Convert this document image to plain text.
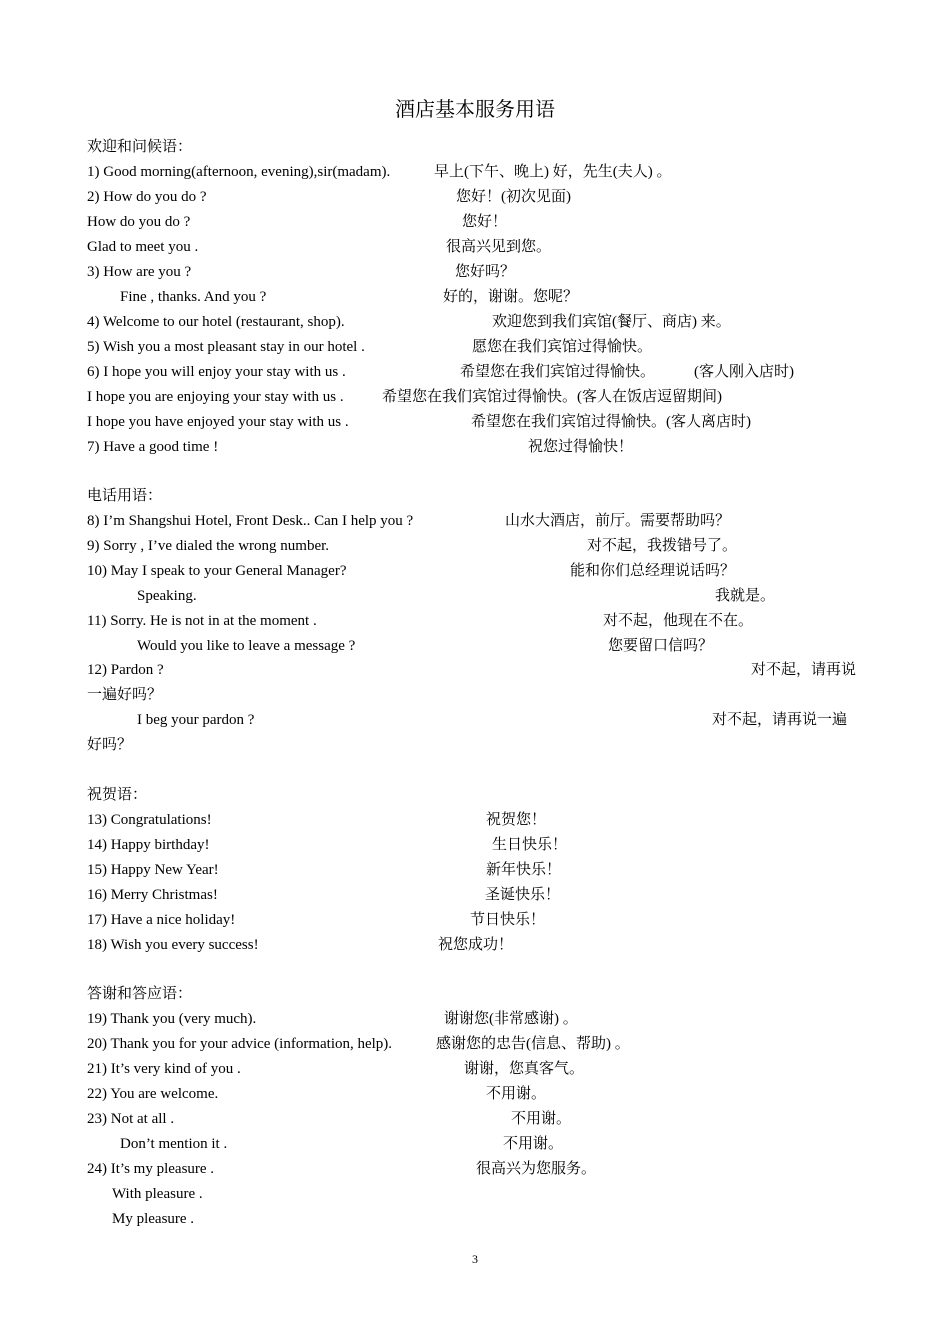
酒店基本服务用语
欢迎和问候语：
1) Good morning(afternoon, evening),sir(madam).	早上(下午、晚上) 好，先生(夫人) 。
2) How do you do ?	您好！(初次见面)
How do you do ?	您好！
Glad to meet you .	很高兴见到您。
3) How are you ?	您好吗？
Fine , thanks. And you ?	好的，谢谢。您呢？
4) Welcome to our hotel (restaurant, shop).	欢迎您到我们宾馆(餐厅、商店) 来。
5) Wish you a most pleasant stay in our hotel .	愿您在我们宾馆过得愉快。
6) I hope you will enjoy your stay with us .	希望您在我们宾馆过得愉快。	(客人刚入店时)
I hope you are enjoying your stay with us .	希望您在我们宾馆过得愉快。(客人在饭店逗留期间)
I hope you have enjoyed your stay with us .	希望您在我们宾馆过得愉快。(客人离店时)
7) Have a good time !	祝您过得愉快！
电话用语：
8) I’m Shangshui Hotel, Front Desk.. Can I help you ?	山水大酒店，前厅。需要帮助吗？
9) Sorry , I’ve dialed the wrong number.	对不起，我拨错号了。
10) May I speak to your General Manager?	能和你们总经理说话吗？
Speaking.	我就是。
11) Sorry. He is not in at the moment .	对不起，他现在不在。
Would you like to leave a message ?	您要留口信吗？
12) Pardon ?	对不起，请再说
一遍好吗？
I beg your pardon ?	对不起，请再说一遍
好吗？
祝贺语：
13) Congratulations!	祝贺您！
14) Happy birthday!	生日快乐！
15) Happy New Year!	新年快乐！
16) Merry Christmas!	圣诞快乐！
17) Have a nice holiday!	节日快乐！
18) Wish you every success!	祝您成功！
答谢和答应语：
19) Thank you (very much).	谢谢您(非常感谢) 。
20) Thank you for your advice (information, help).	感谢您的忠告(信息、帮助) 。
21) It’s very kind of you .	谢谢，您真客气。
22) You are welcome.	不用谢。
23) Not at all .	不用谢。
Don’t mention it .	不用谢。
24) It’s my pleasure .	很高兴为您服务。
With pleasure .
My pleasure .
3
